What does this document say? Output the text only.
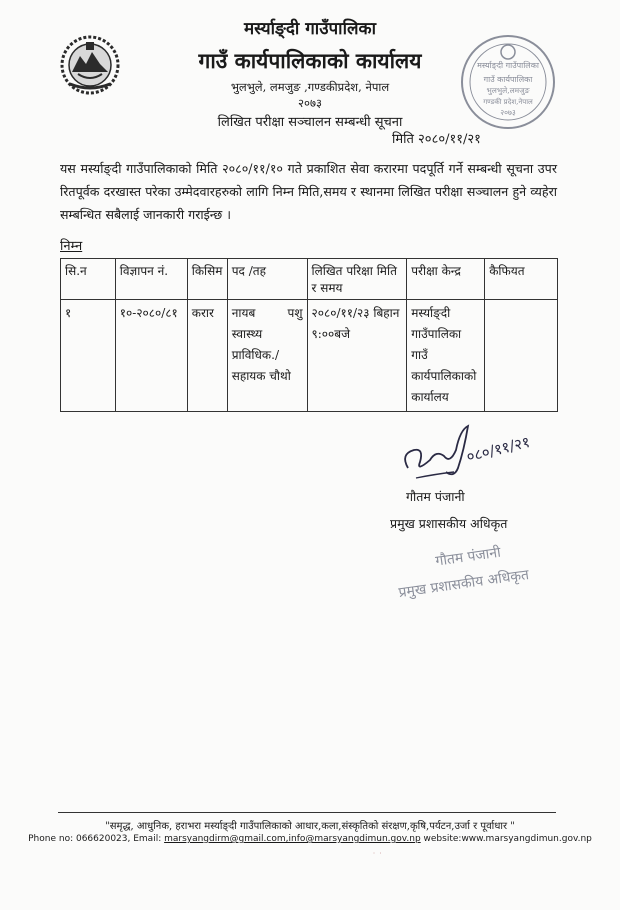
मर्स्याङ्दी गाउँपालिका
गाउँ कार्यपालिकाको कार्यालय
भुलभुले, लमजुङ ,गण्डकीप्रदेश, नेपाल
२०७३
लिखित परीक्षा सञ्चालन सम्बन्धी सूचना
मिति २०८०/११/२१
मर्स्याङ्दी गाउँपालिका
गाउँ कार्यपालिका
भुलभुले,लमजुङ
गण्डकी प्रदेश,नेपाल
२०७३
यस मर्स्याङ्दी गाउँपालिकाको मिति २०८०/११/१० गते प्रकाशित सेवा करारमा पदपूर्ति गर्ने सम्बन्धी सूचना उपर रितपूर्वक दरखास्त परेका उम्मेदवारहरुको लागि निम्न मिति,समय र स्थानमा लिखित परीक्षा सञ्चालन हुने व्यहेरा सम्बन्धित सबैलाई जानकारी गराईन्छ ।
निम्न
सि.न	विज्ञापन नं.	किसिम	पद /तह	लिखित परिक्षा मिति र समय	परीक्षा केन्द्र	कैफियत
१	१०-२०८०/८१	करार	नायब पशु स्वास्थ्य प्राविधिक./ सहायक चौथो	२०८०/११/२३ बिहान ९:००बजे	मर्स्याङ्दी गाउँपालिका गाउँ कार्यपालिकाको कार्यालय	
०८०/११/२१
गौतम पंजानी
प्रमुख प्रशासकीय अधिकृत
गौतम पंजानी
प्रमुख प्रशासकीय अधिकृत
"समृद्ध, आधुनिक, हराभरा मर्स्याङ्दी गाउँपालिकाको आधार,कला,संस्कृतिको संरक्षण,कृषि,पर्यटन,उर्जा र पूर्वाधार "
Phone no: 066620023, Email: marsyangdirm@gmail.com,info@marsyangdimun.gov.np website:www.marsyangdimun.gov.np
˙ ˙
